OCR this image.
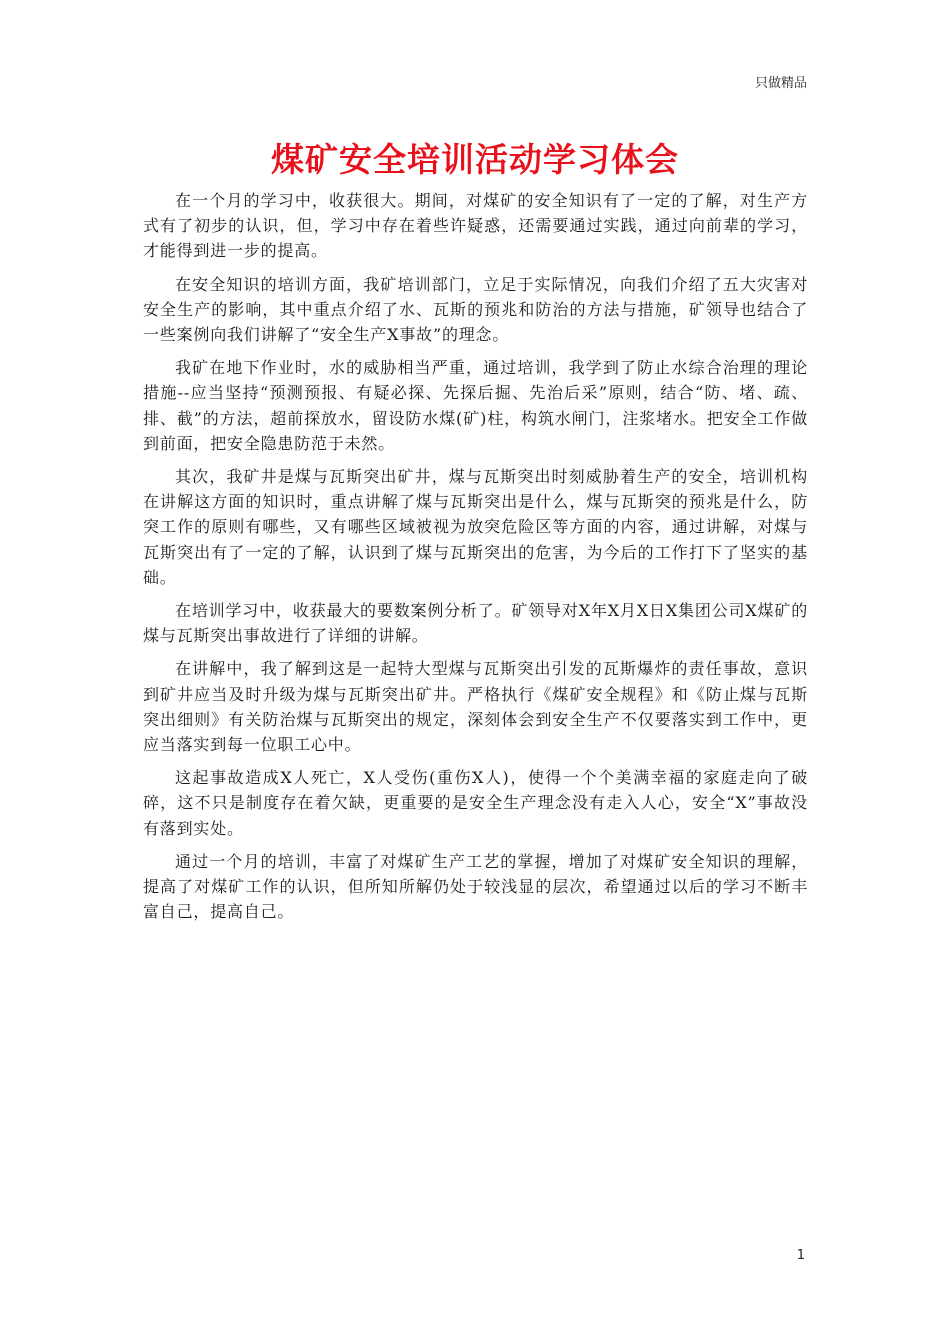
只做精品
煤矿安全培训活动学习体会

在一个月的学习中，收获很大。期间，对煤矿的安全知识有了一定的了解，对生产方式有了初步的认识，但，学习中存在着些许疑惑，还需要通过实践，通过向前辈的学习，才能得到进一步的提高。

在安全知识的培训方面，我矿培训部门，立足于实际情况，向我们介绍了五大灾害对安全生产的影响，其中重点介绍了水、瓦斯的预兆和防治的方法与措施，矿领导也结合了一些案例向我们讲解了“安全生产X事故”的理念。

我矿在地下作业时，水的威胁相当严重，通过培训，我学到了防止水综合治理的理论措施--应当坚持“预测预报、有疑必探、先探后掘、先治后采”原则，结合“防、堵、疏、排、截”的方法，超前探放水，留设防水煤(矿)柱，构筑水闸门，注浆堵水。把安全工作做到前面，把安全隐患防范于未然。

其次，我矿井是煤与瓦斯突出矿井，煤与瓦斯突出时刻威胁着生产的安全，培训机构在讲解这方面的知识时，重点讲解了煤与瓦斯突出是什么，煤与瓦斯突的预兆是什么，防突工作的原则有哪些，又有哪些区域被视为放突危险区等方面的内容，通过讲解，对煤与瓦斯突出有了一定的了解，认识到了煤与瓦斯突出的危害，为今后的工作打下了坚实的基础。

在培训学习中，收获最大的要数案例分析了。矿领导对X年X月X日X集团公司X煤矿的煤与瓦斯突出事故进行了详细的讲解。

在讲解中，我了解到这是一起特大型煤与瓦斯突出引发的瓦斯爆炸的责任事故，意识到矿井应当及时升级为煤与瓦斯突出矿井。严格执行《煤矿安全规程》和《防止煤与瓦斯突出细则》有关防治煤与瓦斯突出的规定，深刻体会到安全生产不仅要落实到工作中，更应当落实到每一位职工心中。

这起事故造成X人死亡，X人受伤(重伤X人)，使得一个个美满幸福的家庭走向了破碎，这不只是制度存在着欠缺，更重要的是安全生产理念没有走入人心，安全“X”事故没有落到实处。

通过一个月的培训，丰富了对煤矿生产工艺的掌握，增加了对煤矿安全知识的理解，提高了对煤矿工作的认识，但所知所解仍处于较浅显的层次，希望通过以后的学习不断丰富自己，提高自己。

1
